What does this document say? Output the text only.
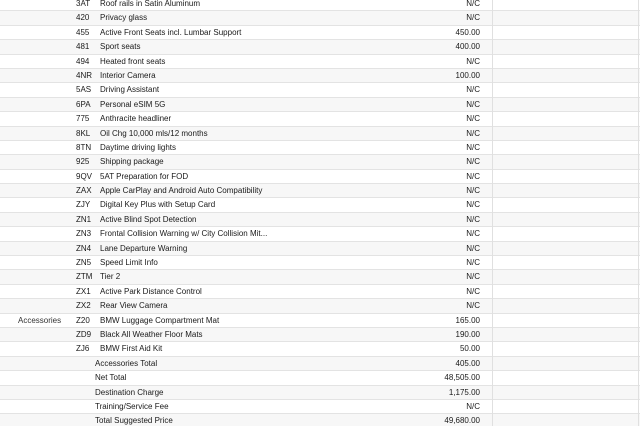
3AT Roof rails in Satin Aluminum	N/C
420 Privacy glass	N/C
455 Active Front Seats incl. Lumbar Support	450.00
481 Sport seats	400.00
494 Heated front seats	N/C
4NR Interior Camera	100.00
5AS Driving Assistant	N/C
6PA Personal eSIM 5G	N/C
775 Anthracite headliner	N/C
8KL Oil Chg 10,000 mls/12 months	N/C
8TN Daytime driving lights	N/C
925 Shipping package	N/C
9QV 5AT Preparation for FOD	N/C
ZAX Apple CarPlay and Android Auto Compatibility	N/C
ZJY Digital Key Plus with Setup Card	N/C
ZN1 Active Blind Spot Detection	N/C
ZN3 Frontal Collision Warning w/ City Collision Mit...	N/C
ZN4 Lane Departure Warning	N/C
ZN5 Speed Limit Info	N/C
ZTM Tier 2	N/C
ZX1 Active Park Distance Control	N/C
ZX2 Rear View Camera	N/C
Accessories Z20 BMW Luggage Compartment Mat	165.00
ZD9 Black All Weather Floor Mats	190.00
ZJ6 BMW First Aid Kit	50.00
Accessories Total	405.00
Net Total	48,505.00
Destination Charge	1,175.00
Training/Service Fee	N/C
Total Suggested Price	49,680.00
